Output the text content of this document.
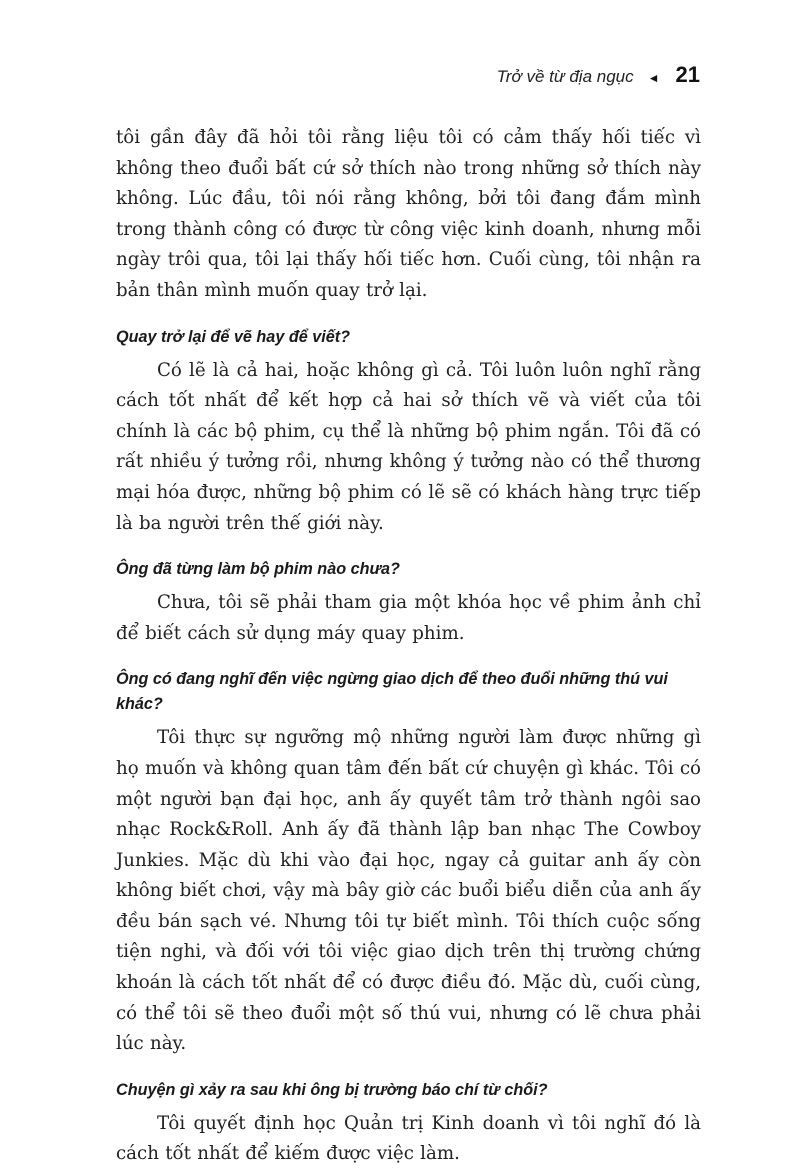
Trở về từ địa ngục ◄ 21

tôi gần đây đã hỏi tôi rằng liệu tôi có cảm thấy hối tiếc vì không theo đuổi bất cứ sở thích nào trong những sở thích này không. Lúc đầu, tôi nói rằng không, bởi tôi đang đắm mình trong thành công có được từ công việc kinh doanh, nhưng mỗi ngày trôi qua, tôi lại thấy hối tiếc hơn. Cuối cùng, tôi nhận ra bản thân mình muốn quay trở lại.

Quay trở lại để vẽ hay để viết?

Có lẽ là cả hai, hoặc không gì cả. Tôi luôn luôn nghĩ rằng cách tốt nhất để kết hợp cả hai sở thích vẽ và viết của tôi chính là các bộ phim, cụ thể là những bộ phim ngắn. Tôi đã có rất nhiều ý tưởng rồi, nhưng không ý tưởng nào có thể thương mại hóa được, những bộ phim có lẽ sẽ có khách hàng trực tiếp là ba người trên thế giới này.

Ông đã từng làm bộ phim nào chưa?

Chưa, tôi sẽ phải tham gia một khóa học về phim ảnh chỉ để biết cách sử dụng máy quay phim.

Ông có đang nghĩ đến việc ngừng giao dịch để theo đuổi những thú vui khác?

Tôi thực sự ngưỡng mộ những người làm được những gì họ muốn và không quan tâm đến bất cứ chuyện gì khác. Tôi có một người bạn đại học, anh ấy quyết tâm trở thành ngôi sao nhạc Rock&Roll. Anh ấy đã thành lập ban nhạc The Cowboy Junkies. Mặc dù khi vào đại học, ngay cả guitar anh ấy còn không biết chơi, vậy mà bây giờ các buổi biểu diễn của anh ấy đều bán sạch vé. Nhưng tôi tự biết mình. Tôi thích cuộc sống tiện nghi, và đối với tôi việc giao dịch trên thị trường chứng khoán là cách tốt nhất để có được điều đó. Mặc dù, cuối cùng, có thể tôi sẽ theo đuổi một số thú vui, nhưng có lẽ chưa phải lúc này.

Chuyện gì xảy ra sau khi ông bị trường báo chí từ chối?

Tôi quyết định học Quản trị Kinh doanh vì tôi nghĩ đó là cách tốt nhất để kiếm được việc làm.
